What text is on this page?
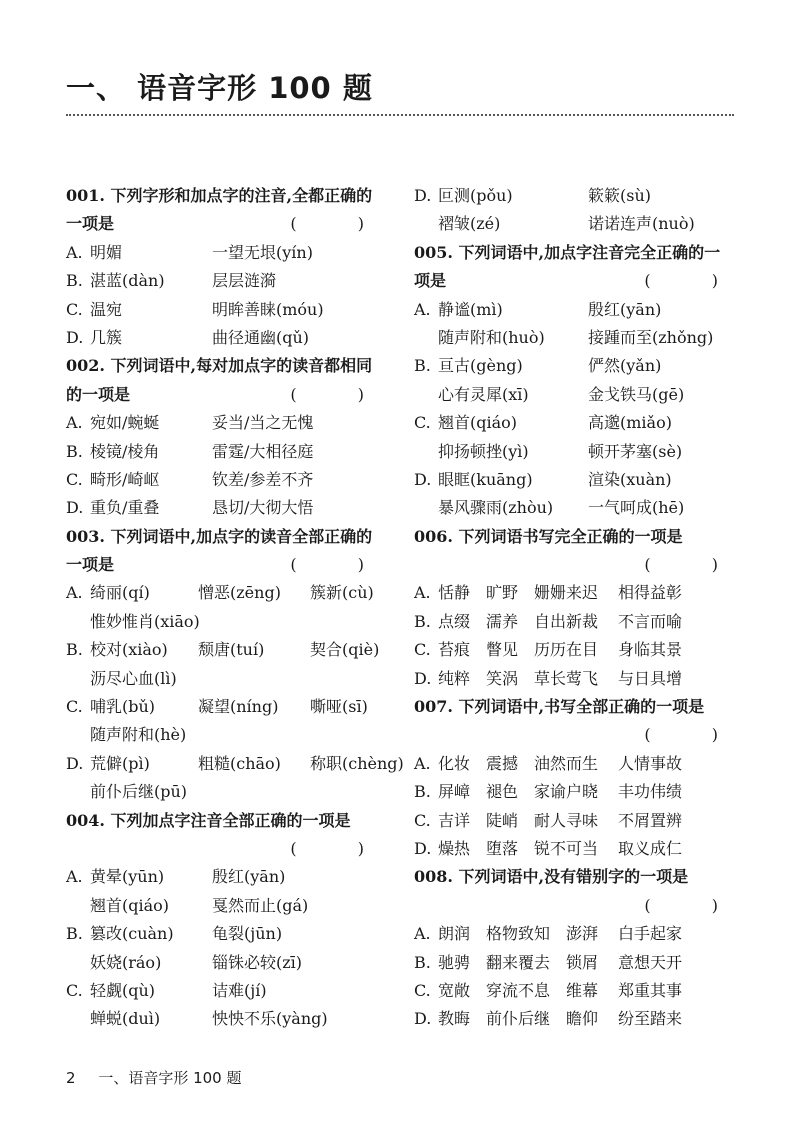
一、 语音字形 100 题
001. 下列字形和加点字的注音,全都正确的
一项是	( )
A. 明媚	一望无垠(yín)
B. 湛蓝(dàn)	层层涟漪
C. 温宛	明眸善睐(móu)
D. 几簇	曲径通幽(qǔ)
002. 下列词语中,每对加点字的读音都相同
的一项是	( )
A. 宛如/蜿蜒	妥当/当之无愧
B. 棱镜/棱角	雷霆/大相径庭
C. 畸形/崎岖	钦差/参差不齐
D. 重负/重叠	恳切/大彻大悟
003. 下列词语中,加点字的读音全部正确的
一项是	( )
A. 绮丽(qí)	憎恶(zēng)	簇新(cù)
惟妙惟肖(xiāo)
B. 校对(xiào)	颓唐(tuí)	契合(qiè)
沥尽心血(lì)
C. 哺乳(bǔ)	凝望(níng)	嘶哑(sī)
随声附和(hè)
D. 荒僻(pì)	粗糙(chāo)	称职(chèng)
前仆后继(pū)
004. 下列加点字注音全部正确的一项是
( )
A. 黄晕(yūn)	殷红(yān)
翘首(qiáo)	戛然而止(gá)
B. 篡改(cuàn)	龟裂(jūn)
妖娆(ráo)	锱铢必较(zī)
C. 轻觑(qù)	诘难(jí)
蝉蜕(duì)	怏怏不乐(yàng)
D. 叵测(pǒu)	簌簌(sù)
褶皱(zé)	诺诺连声(nuò)
005. 下列词语中,加点字注音完全正确的一
项是	( )
A. 静谧(mì)	殷红(yān)
随声附和(huò)	接踵而至(zhǒng)
B. 亘古(gèng)	俨然(yǎn)
心有灵犀(xī)	金戈铁马(gē)
C. 翘首(qiáo)	高邈(miǎo)
抑扬顿挫(yì)	顿开茅塞(sè)
D. 眼眶(kuāng)	渲染(xuàn)
暴风骤雨(zhòu)	一气呵成(hē)
006. 下列词语书写完全正确的一项是
( )
A. 恬静 旷野 姗姗来迟	相得益彰
B. 点缀 濡养 自出新裁	不言而喻
C. 苔痕 瞥见 历历在目	身临其景
D. 纯粹 笑涡 草长莺飞	与日具增
007. 下列词语中,书写全部正确的一项是
( )
A. 化妆 震撼 油然而生	人情事故
B. 屏嶂 褪色 家谕户晓	丰功伟绩
C. 吉详 陡峭 耐人寻味	不屑置辨
D. 燥热 堕落 锐不可当	取义成仁
008. 下列词语中,没有错别字的一项是
( )
A. 朗润 格物致知 澎湃	白手起家
B. 驰骋 翻来覆去 锁屑	意想天开
C. 宽敞 穿流不息 维幕	郑重其事
D. 教晦 前仆后继 瞻仰	纷至踏来
2 一、语音字形 100 题
